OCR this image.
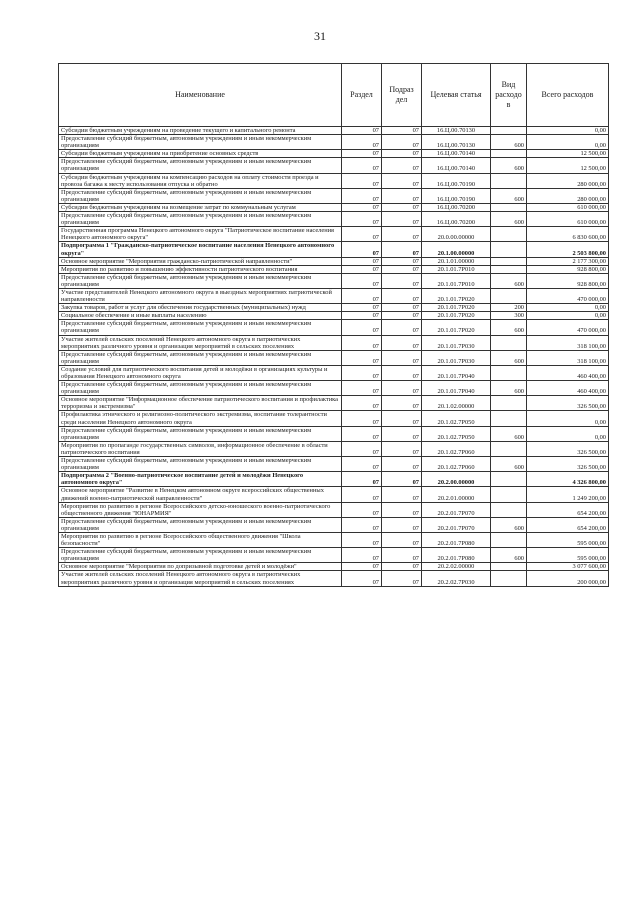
31
Наименование	Раздел	Подраз дел	Целевая статья	Вид расходо в	Всего расходов
Субсидии бюджетным учреждениям на проведение текущего и капитального ремонта	07	07	16.Ц.00.70130		0,00
Предоставление субсидий бюджетным, автономным учреждениям и иным некоммерческим организациям	07	07	16.Ц.00.70130	600	0,00
Субсидии бюджетным учреждениям на приобретение основных средств	07	07	16.Ц.00.70140		12 500,00
Предоставление субсидий бюджетным, автономным учреждениям и иным некоммерческим организациям	07	07	16.Ц.00.70140	600	12 500,00
Субсидии бюджетным учреждениям на компенсацию расходов на оплату стоимости проезда и провоза багажа к месту использования отпуска и обратно	07	07	16.Ц.00.70190		280 000,00
Предоставление субсидий бюджетным, автономным учреждениям и иным некоммерческим организациям	07	07	16.Ц.00.70190	600	280 000,00
Субсидии бюджетным учреждениям на возмещение затрат по коммунальным услугам	07	07	16.Ц.00.70200		610 000,00
Предоставление субсидий бюджетным, автономным учреждениям и иным некоммерческим организациям	07	07	16.Ц.00.70200	600	610 000,00
Государственная программа Ненецкого автономного округа "Патриотическое воспитание населения Ненецкого автономного округа"	07	07	20.0.00.00000		6 830 600,00
Подпрограмма 1 "Гражданско-патриотическое воспитание населения Ненецкого автономного округа"	07	07	20.1.00.00000		2 503 800,00
Основное мероприятие "Мероприятия гражданско-патриотической направленности"	07	07	20.1.01.00000		2 177 300,00
Мероприятия по развитию и повышению эффективности патриотического воспитания	07	07	20.1.01.7Р010		928 800,00
Предоставление субсидий бюджетным, автономным учреждениям и иным некоммерческим организациям	07	07	20.1.01.7Р010	600	928 800,00
Участие представителей Ненецкого автономного округа в выездных мероприятиях патриотической направленности	07	07	20.1.01.7Р020		470 000,00
Закупка товаров, работ и услуг для обеспечения государственных (муниципальных) нужд	07	07	20.1.01.7Р020	200	0,00
Социальное обеспечение и иные выплаты населению	07	07	20.1.01.7Р020	300	0,00
Предоставление субсидий бюджетным, автономным учреждениям и иным некоммерческим организациям	07	07	20.1.01.7Р020	600	470 000,00
Участие жителей сельских поселений Ненецкого автономного округа в патриотических мероприятиях различного уровня и организация мероприятий в сельских поселениях	07	07	20.1.01.7Р030		318 100,00
Предоставление субсидий бюджетным, автономным учреждениям и иным некоммерческим организациям	07	07	20.1.01.7Р030	600	318 100,00
Создание условий для патриотического воспитания детей и молодёжи в организациях культуры и образования Ненецкого автономного округа	07	07	20.1.01.7Р040		460 400,00
Предоставление субсидий бюджетным, автономным учреждениям и иным некоммерческим организациям	07	07	20.1.01.7Р040	600	460 400,00
Основное мероприятие "Информационное обеспечение патриотического воспитания и профилактика терроризма и экстремизма"	07	07	20.1.02.00000		326 500,00
Профилактика этнического и религиозно-политического экстремизма, воспитание толерантности среди населения Ненецкого автономного округа	07	07	20.1.02.7Р050		0,00
Предоставление субсидий бюджетным, автономным учреждениям и иным некоммерческим организациям	07	07	20.1.02.7Р050	600	0,00
Мероприятия по пропаганде государственных символов, информационное обеспечение в области патриотического воспитания	07	07	20.1.02.7Р060		326 500,00
Предоставление субсидий бюджетным, автономным учреждениям и иным некоммерческим организациям	07	07	20.1.02.7Р060	600	326 500,00
Подпрограмма 2 "Военно-патриотическое воспитание детей и молодёжи Ненецкого автономного округа"	07	07	20.2.00.00000		4 326 800,00
Основное мероприятие "Развитие в Ненецком автономном округе всероссийских общественных движений военно-патриотической направленности"	07	07	20.2.01.00000		1 249 200,00
Мероприятия по развитию в регионе Всероссийского детско-юношеского военно-патриотического общественного движения "ЮНАРМИЯ"	07	07	20.2.01.7Р070		654 200,00
Предоставление субсидий бюджетным, автономным учреждениям и иным некоммерческим организациям	07	07	20.2.01.7Р070	600	654 200,00
Мероприятия по развитию в регионе Всероссийского общественного движения "Школа безопасности"	07	07	20.2.01.7Р080		595 000,00
Предоставление субсидий бюджетным, автономным учреждениям и иным некоммерческим организациям	07	07	20.2.01.7Р080	600	595 000,00
Основное мероприятие "Мероприятия по допризывной подготовке детей и молодёжи"	07	07	20.2.02.00000		3 077 600,00
Участие жителей сельских поселений Ненецкого автономного округа в патриотических мероприятиях различного уровня и организация мероприятий в сельских поселениях	07	07	20.2.02.7Р030		200 000,00
